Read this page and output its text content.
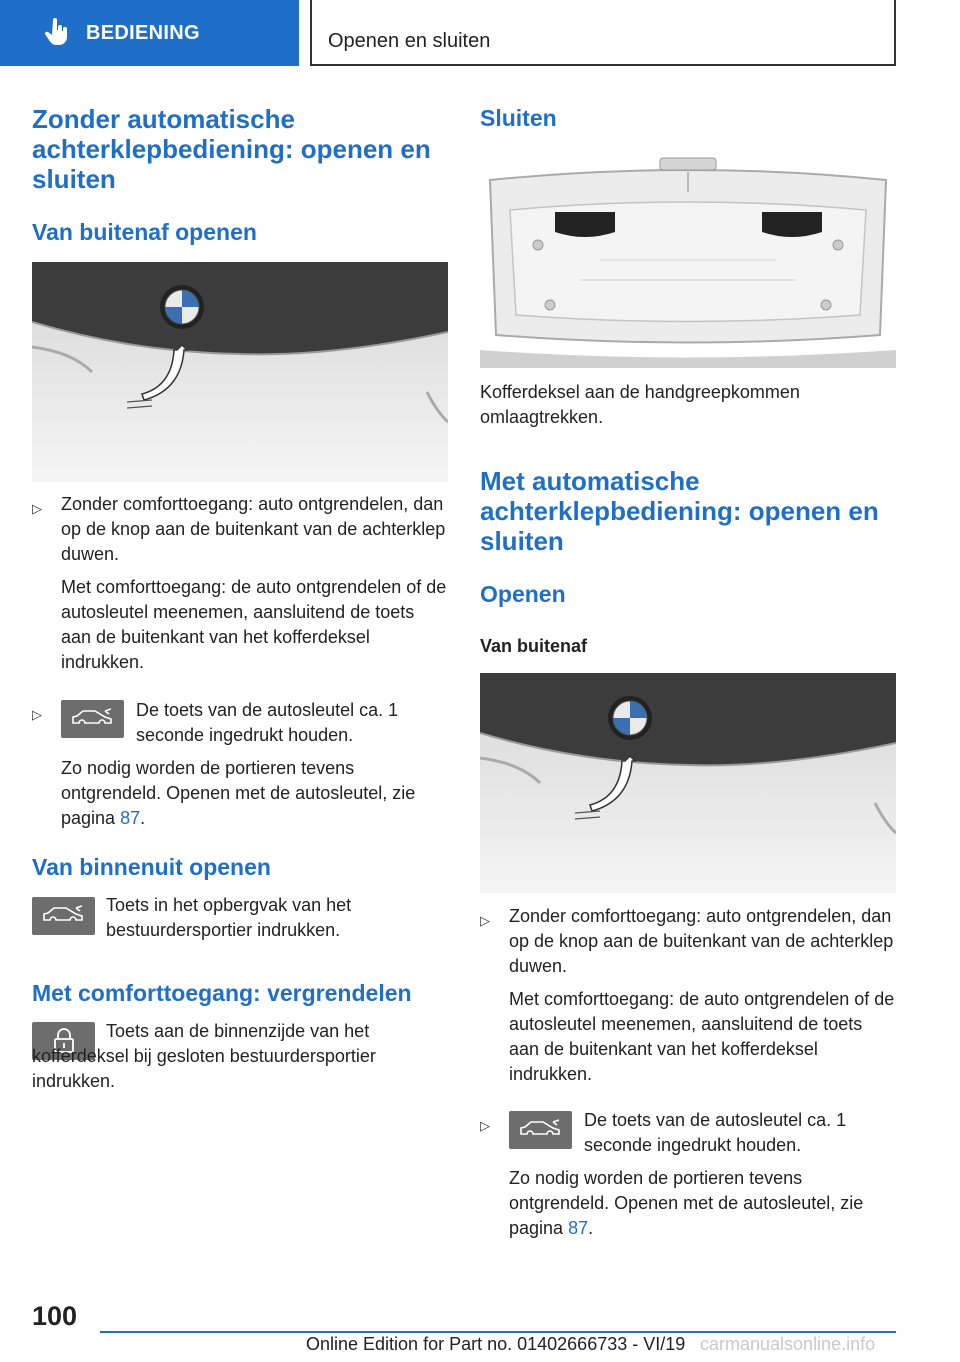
BEDIENING	Openen en sluiten
Zonder automatische achterklepbediening: openen en sluiten
Van buitenaf openen
▷ Zonder comforttoegang: auto ontgrendelen, dan op de knop aan de buitenkant van de achterklep duwen.
Met comforttoegang: de auto ontgrendelen of de autosleutel meenemen, aansluitend de toets aan de buitenkant van het kofferdeksel indrukken.
▷	De toets van de autosleutel ca. 1 seconde ingedrukt houden.
Zo nodig worden de portieren tevens ontgrendeld. Openen met de autosleutel, zie pagina 87.
Van binnenuit openen
Toets in het opbergvak van het bestuurdersportier indrukken.
Met comforttoegang: vergrendelen
Toets aan de binnenzijde van het kofferdeksel bij gesloten bestuurdersportier indrukken.
Sluiten
Kofferdeksel aan de handgreepkommen omlaagtrekken.
Met automatische achterklepbediening: openen en sluiten
Openen
Van buitenaf
▷ Zonder comforttoegang: auto ontgrendelen, dan op de knop aan de buitenkant van de achterklep duwen.
Met comforttoegang: de auto ontgrendelen of de autosleutel meenemen, aansluitend de toets aan de buitenkant van het kofferdeksel indrukken.
▷	De toets van de autosleutel ca. 1 seconde ingedrukt houden.
Zo nodig worden de portieren tevens ontgrendeld. Openen met de autosleutel, zie pagina 87.
100
Online Edition for Part no. 01402666733 - VI/19 carmanualsonline.info
